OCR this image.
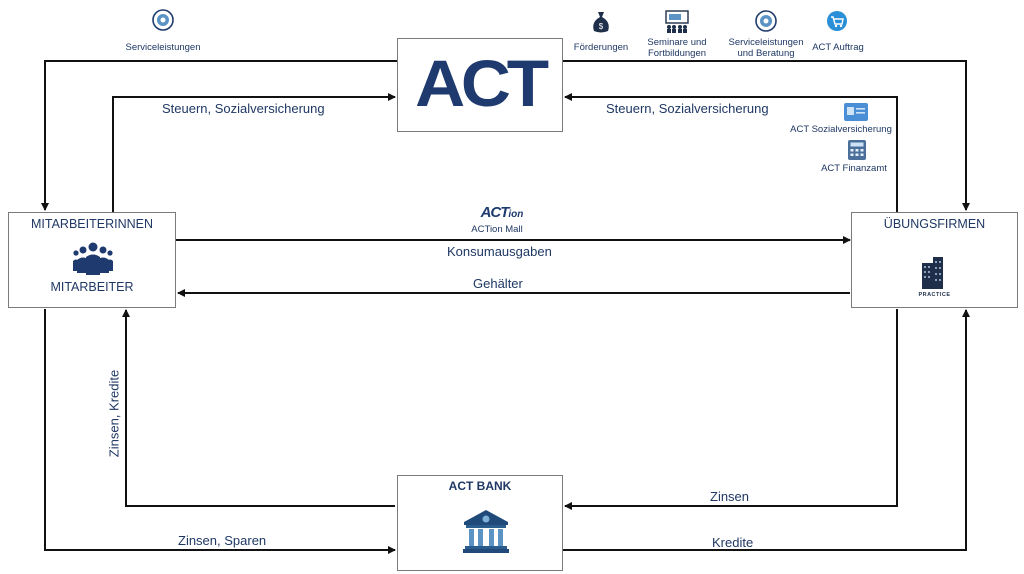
ACT
MITARBEITERINNEN
MITARBEITER
ÜBUNGSFIRMEN
PRACTICE
ACT BANK
Serviceleistungen
$
Förderungen	Seminare und
Fortbildungen
Serviceleistungen
und Beratung
ACT Auftrag
ACT Sozialversicherung
ACT Finanzamt
ACTion
ACTion Mall
Steuern, Sozialversicherung	Steuern, Sozialversicherung
Konsumausgaben
Gehälter
Zinsen, Kredite
Zinsen, Sparen
Zinsen
Kredite
